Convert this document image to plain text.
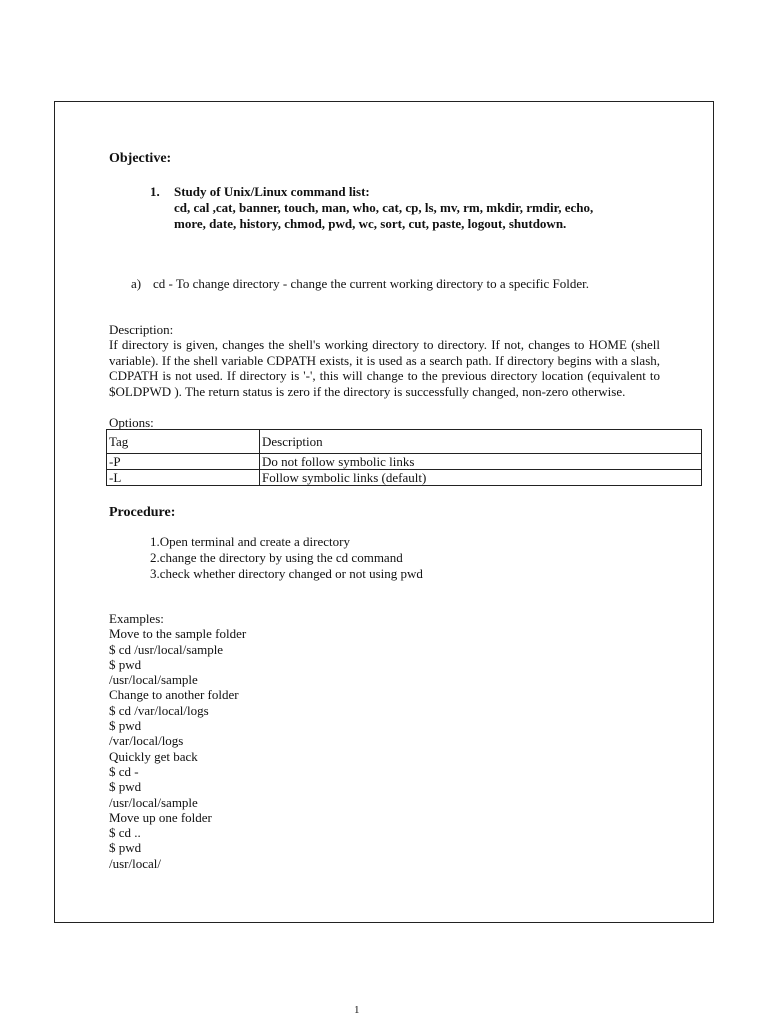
Objective:
1. Study of Unix/Linux command list:
cd, cal ,cat, banner, touch, man, who, cat, cp, ls, mv, rm, mkdir, rmdir, echo,
more, date, history, chmod, pwd, wc, sort, cut, paste, logout, shutdown.
a) cd - To change directory - change the current working directory to a specific Folder.
Description:
If directory is given, changes the shell's working directory to directory. If not, changes to HOME (shell variable). If the shell variable CDPATH exists, it is used as a search path. If directory begins with a slash, CDPATH is not used. If directory is '-', this will change to the previous directory location (equivalent to $OLDPWD ). The return status is zero if the directory is successfully changed, non-zero otherwise.
Options:
Tag	Description
-P	Do not follow symbolic links
-L	Follow symbolic links (default)
Procedure:
1.Open terminal and create a directory
2.change the directory by using the cd command
3.check whether directory changed or not using pwd
Examples:
Move to the sample folder
$ cd /usr/local/sample
$ pwd
/usr/local/sample
Change to another folder
$ cd /var/local/logs
$ pwd
/var/local/logs
Quickly get back
$ cd -
$ pwd
/usr/local/sample
Move up one folder
$ cd ..
$ pwd
/usr/local/
1
